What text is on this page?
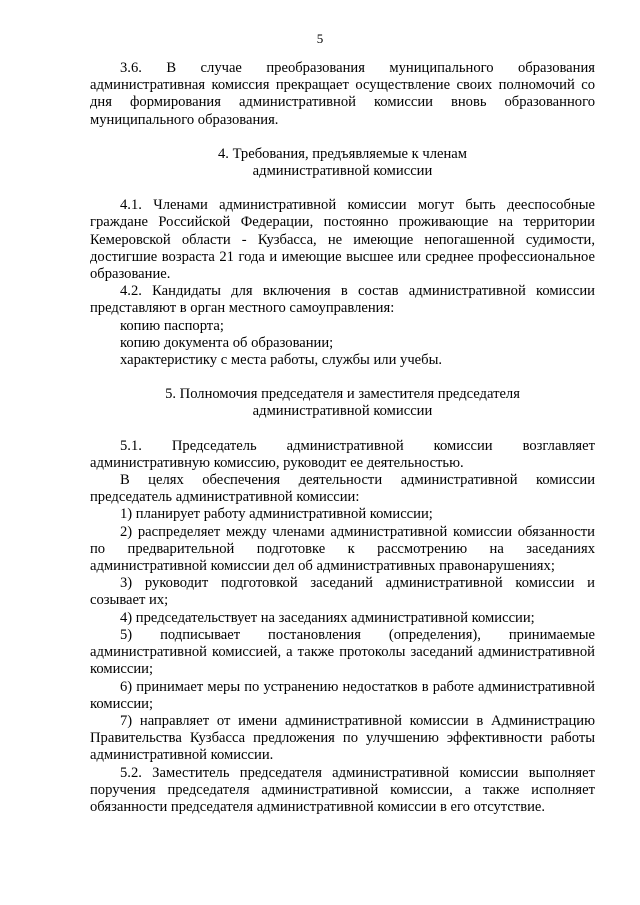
5

3.6. В случае преобразования муниципального образования административная комиссия прекращает осуществление своих полномочий со дня формирования административной комиссии вновь образованного муниципального образования.

4. Требования, предъявляемые к членам

административной комиссии

4.1. Членами административной комиссии могут быть дееспособные граждане Российской Федерации, постоянно проживающие на территории Кемеровской области - Кузбасса, не имеющие непогашенной судимости, достигшие возраста 21 года и имеющие высшее или среднее профессиональное образование.

4.2. Кандидаты для включения в состав административной комиссии представляют в орган местного самоуправления:

копию паспорта;

копию документа об образовании;

характеристику с места работы, службы или учебы.

5. Полномочия председателя и заместителя председателя

административной комиссии

5.1. Председатель административной комиссии возглавляет административную комиссию, руководит ее деятельностью.

В целях обеспечения деятельности административной комиссии председатель административной комиссии:

1) планирует работу административной комиссии;

2) распределяет между членами административной комиссии обязанности по предварительной подготовке к рассмотрению на заседаниях административной комиссии дел об административных правонарушениях;

3) руководит подготовкой заседаний административной комиссии и созывает их;

4) председательствует на заседаниях административной комиссии;

5) подписывает постановления (определения), принимаемые административной комиссией, а также протоколы заседаний административной комиссии;

6) принимает меры по устранению недостатков в работе административной комиссии;

7) направляет от имени административной комиссии в Администрацию Правительства Кузбасса предложения по улучшению эффективности работы административной комиссии.

5.2. Заместитель председателя административной комиссии выполняет поручения председателя административной комиссии, а также исполняет обязанности председателя административной комиссии в его отсутствие.
